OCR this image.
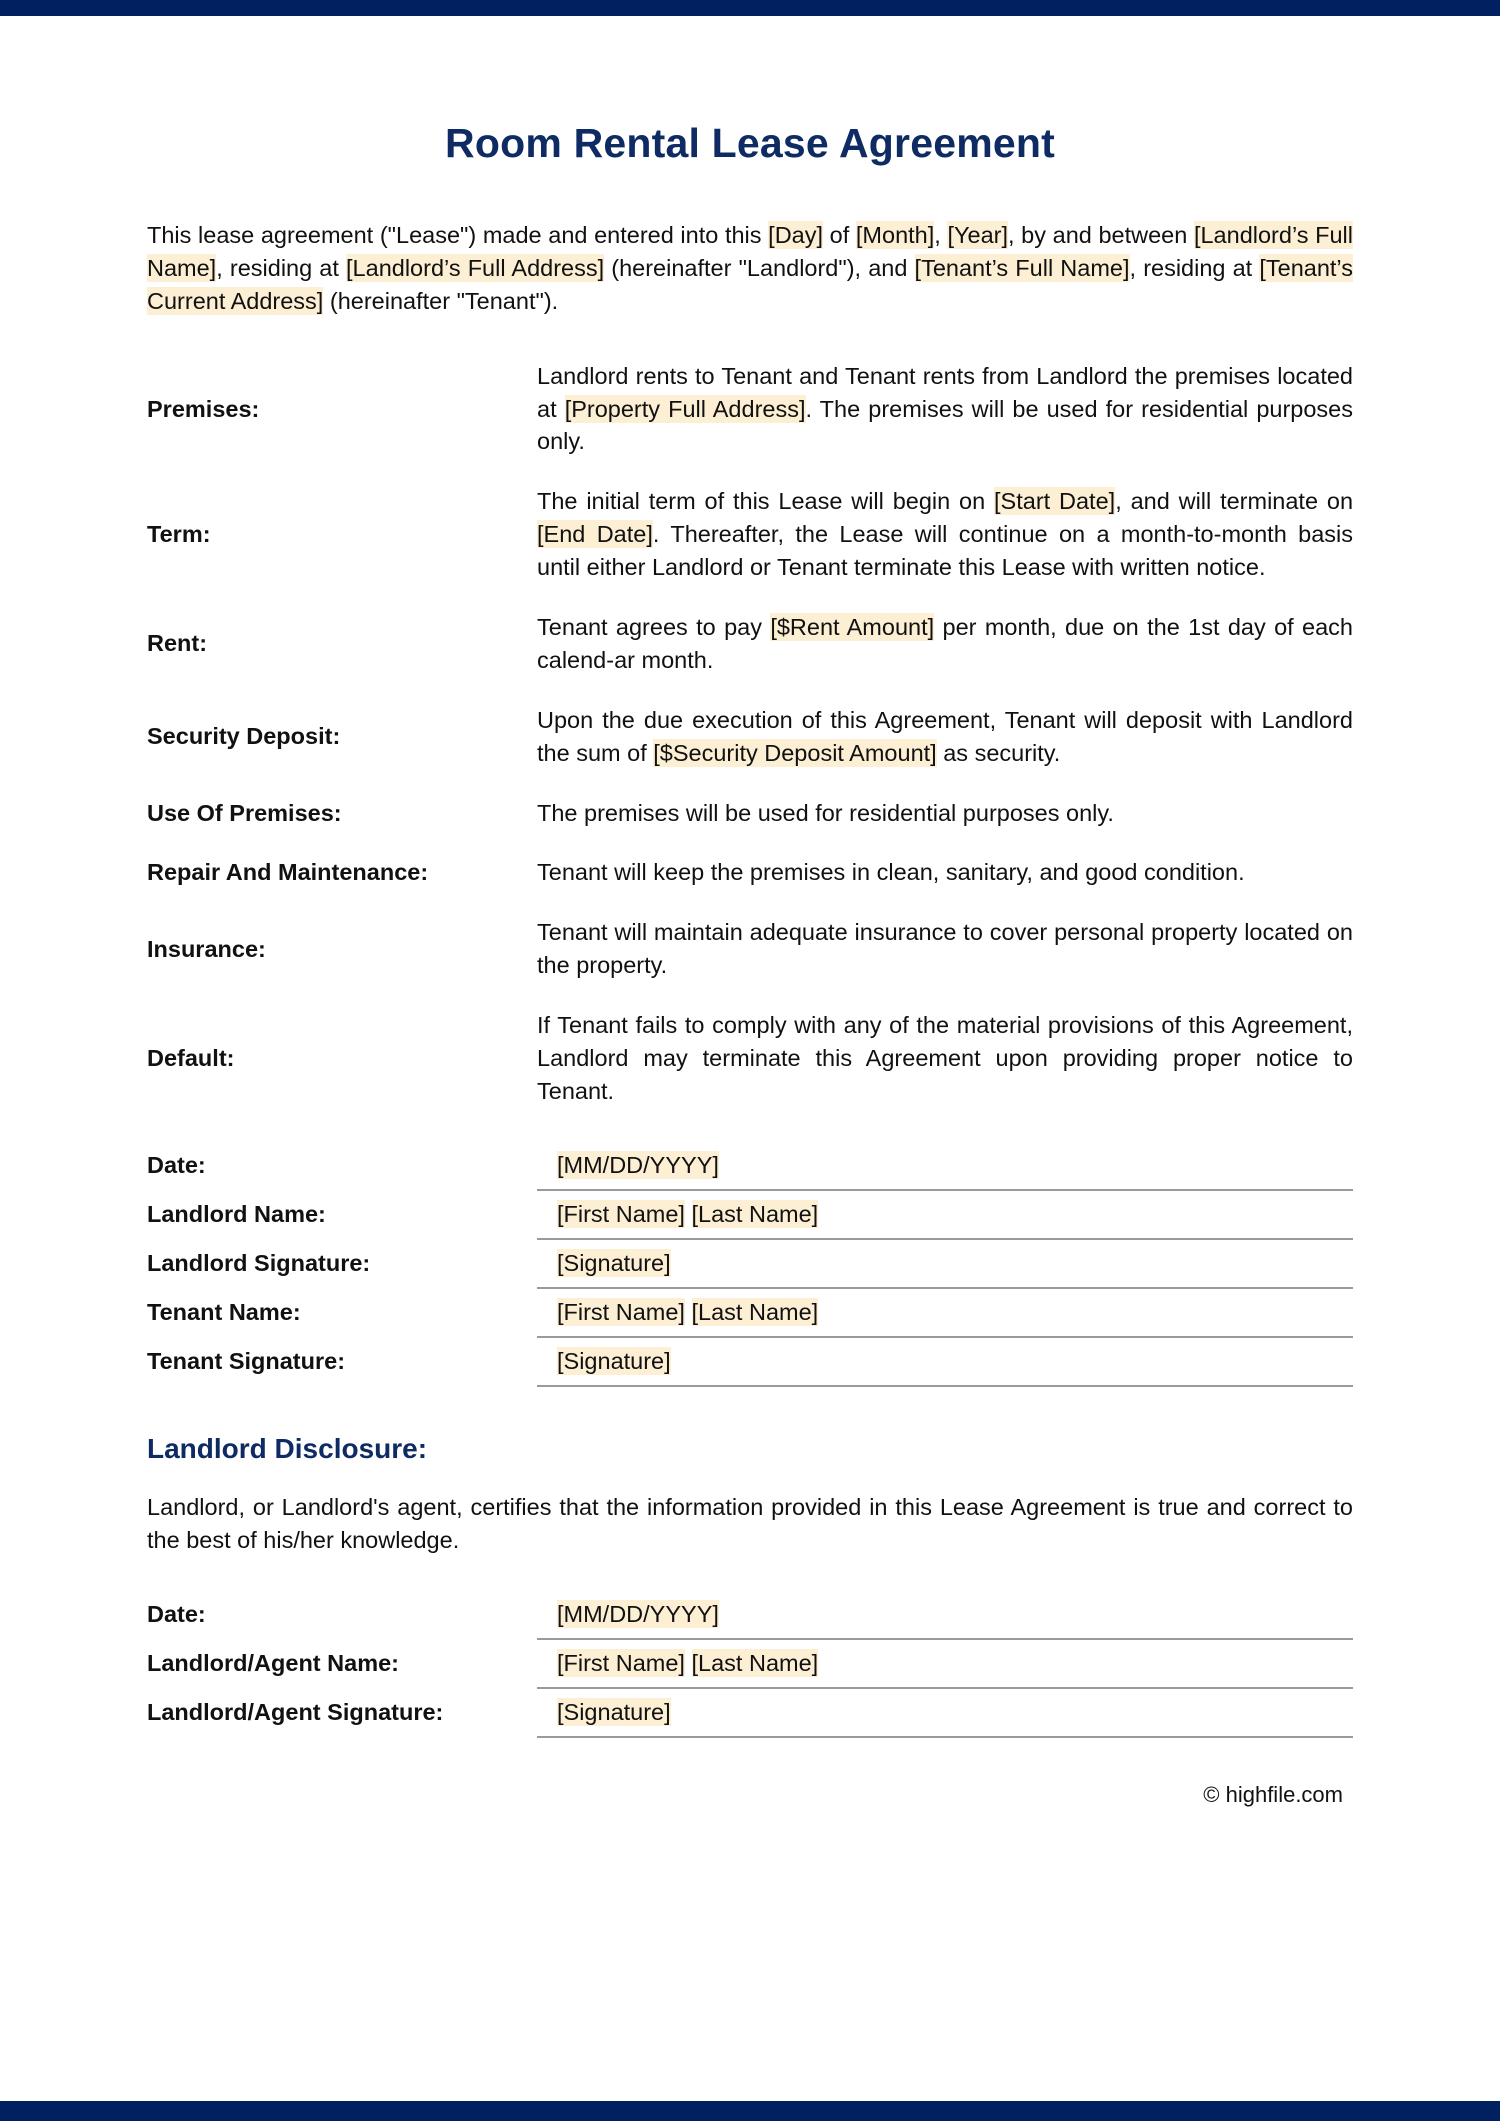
Room Rental Lease Agreement

This lease agreement ("Lease") made and entered into this [Day] of [Month], [Year], by and between [Landlord’s Full Name], residing at [Landlord’s Full Address] (hereinafter "Landlord"), and [Tenant’s Full Name], residing at [Tenant’s Current Address] (hereinafter "Tenant").

Premises:	Landlord rents to Tenant and Tenant rents from Landlord the premises located at [Property Full Address]. The premises will be used for residential purposes only.

Term:	The initial term of this Lease will begin on [Start Date], and will terminate on [End Date]. Thereafter, the Lease will continue on a month-to-month basis until either Landlord or Tenant terminate this Lease with written notice.

Rent:	Tenant agrees to pay [$Rent Amount] per month, due on the 1st day of each calend-ar month.

Security Deposit:	Upon the due execution of this Agreement, Tenant will deposit with Landlord the sum of [$Security Deposit Amount] as security.

Use Of Premises:	The premises will be used for residential purposes only.

Repair And Maintenance:	Tenant will keep the premises in clean, sanitary, and good condition.

Insurance:	Tenant will maintain adequate insurance to cover personal property located on the property.

Default:	If Tenant fails to comply with any of the material provisions of this Agreement, Landlord may terminate this Agreement upon providing proper notice to Tenant.
Date:	[MM/DD/YYYY]
Landlord Name:	[First Name] [Last Name]
Landlord Signature:	[Signature]
Tenant Name:	[First Name] [Last Name]
Tenant Signature:	[Signature]
Landlord Disclosure:

Landlord, or Landlord's agent, certifies that the information provided in this Lease Agreement is true and correct to the best of his/her knowledge.

Date:	[MM/DD/YYYY]
Landlord/Agent Name:	[First Name] [Last Name]
Landlord/Agent Signature:	[Signature]
© highfile.com
